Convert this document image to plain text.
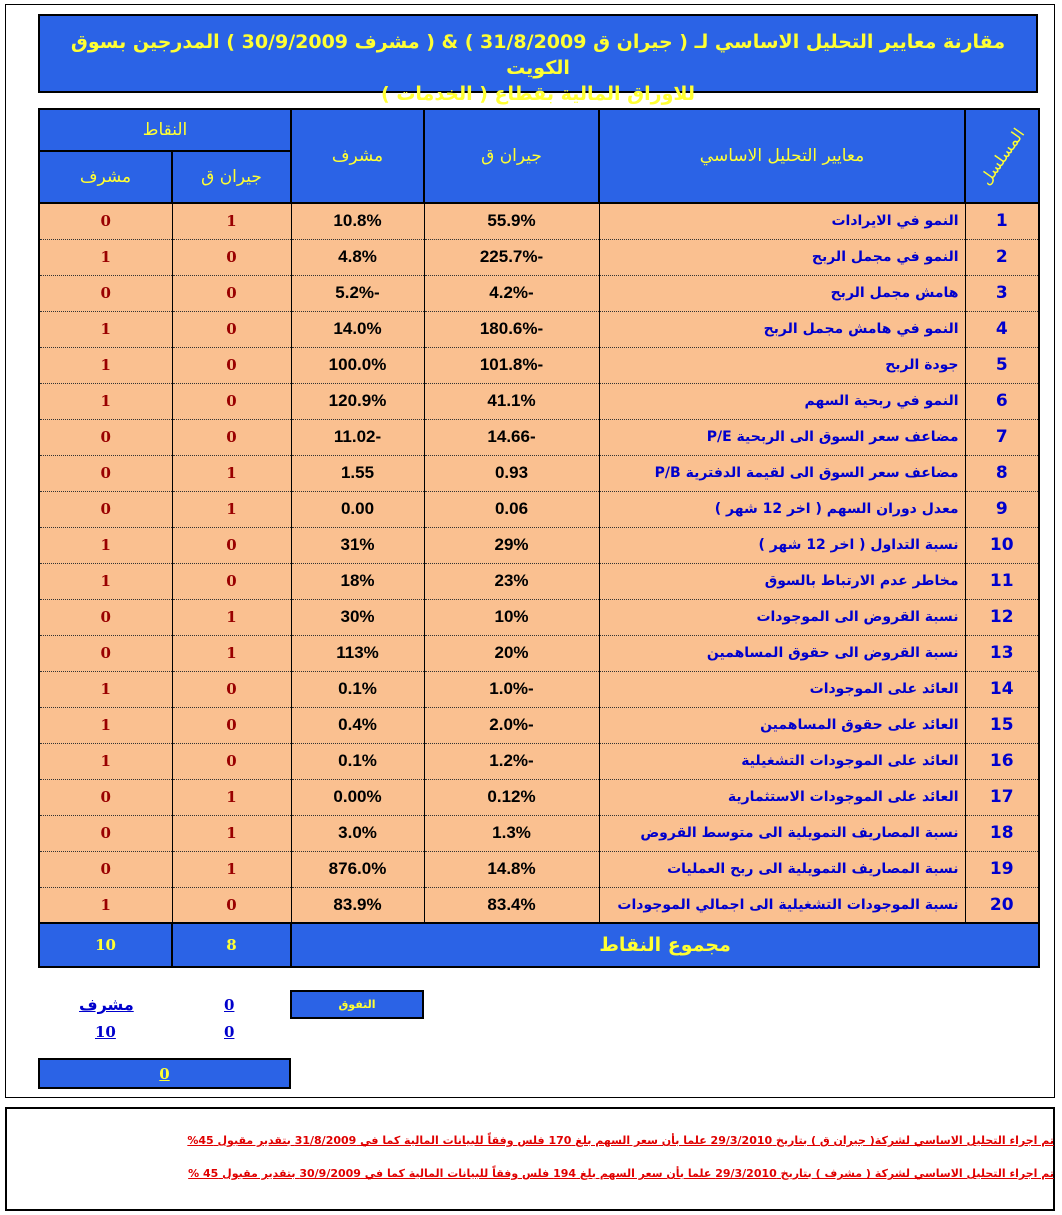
مقارنة معايير التحليل الاساسي لـ ( جيران ق 31/8/2009 ) & ( مشرف 30/9/2009 ) المدرجين بسوق الكويت
للاوراق المالية بقطاع ( الخدمات )
المسلسل	معايير التحليل الاساسي	جيران ق	مشرف	النقاط	
				جيران ق	مشرف
1	النمو في الايرادات	55.9%	10.8%	1	0
2	النمو في مجمل الربح	-225.7%	4.8%	0	1
3	هامش مجمل الربح	-4.2%	-5.2%	0	0
4	النمو في هامش مجمل الربح	-180.6%	14.0%	0	1
5	جودة الربح	-101.8%	100.0%	0	1
6	النمو في ربحية السهم	41.1%	120.9%	0	1
7	مضاعف سعر السوق الى الربحية P/E	-14.66	-11.02	0	0
8	مضاعف سعر السوق الى لقيمة الدفترية P/B	0.93	1.55	1	0
9	معدل دوران السهم ( اخر 12 شهر )	0.06	0.00	1	0
10	نسبة التداول ( اخر 12 شهر )	29%	31%	0	1
11	مخاطر عدم الارتباط بالسوق	23%	18%	0	1
12	نسبة القروض الى الموجودات	10%	30%	1	0
13	نسبة القروض الى حقوق المساهمين	20%	113%	1	0
14	العائد على الموجودات	-1.0%	0.1%	0	1
15	العائد على حقوق المساهمين	-2.0%	0.4%	0	1
16	العائد على الموجودات التشغيلية	-1.2%	0.1%	0	1
17	العائد على الموجودات الاستثمارية	0.12%	0.00%	1	0
18	نسبة المصاريف التمويلية الى متوسط القروض	1.3%	3.0%	1	0
19	نسبة المصاريف التمويلية الى ربح العمليات	14.8%	876.0%	1	0
20	نسبة الموجودات التشغيلية الى اجمالي الموجودات	83.4%	83.9%	0	1
مجموع النقاط				8	10
التفوق
مشرف	0
10	0
0
تم اجراء التحليل الاساسي لشركة( جيران ق ) بتاريخ 29/3/2010 علما بأن سعر السهم بلغ 170 فلس وفقاً للبيانات المالية كما في 31/8/2009 بتقدير مقبول 45%
تم اجراء التحليل الاساسي لشركة ( مشرف ) بتاريخ 29/3/2010 علما بأن سعر السهم بلغ 194 فلس وفقاً للبيانات المالية كما في 30/9/2009 بتقدير مقبول 45 %
